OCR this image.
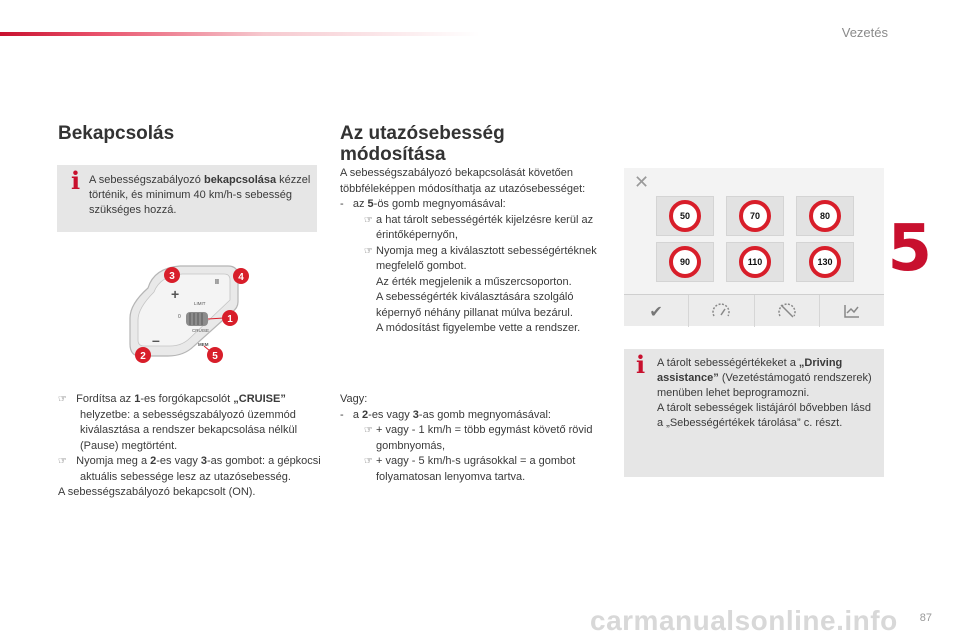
Vezetés
5
87
carmanualsonline.info
Bekapcsolás
i A sebességszabályozó bekapcsolása kézzel történik, és minimum 40 km/h-s sebesség szükséges hozzá.
+
–
II
LIMIT
CRUISE
MEM
0
3	4
1
2	5

☞ Fordítsa az 1-es forgókapcsolót „CRUISE” helyzetbe: a sebességszabályozó üzemmód kiválasztása a rendszer bekapcsolása nélkül (Pause) megtörtént.

☞ Nyomja meg a 2-es vagy 3-as gombot: a gépkocsi aktuális sebessége lesz az utazósebesség.

A sebességszabályozó bekapcsolt (ON).

Az utazósebesség módosítása

A sebességszabályozó bekapcsolását követően többféleképpen módosíthatja az utazósebességet:

-   az 5-ös gomb megnyomásával:

☞ a hat tárolt sebességérték kijelzésre kerül az érintőképernyőn,

☞ Nyomja meg a kiválasztott sebességértéknek megfelelő gombot.

Az érték megjelenik a műszercsoporton.

A sebességérték kiválasztására szolgáló képernyő néhány pillanat múlva bezárul.

A módosítást figyelembe vette a rendszer.

Vagy:

-   a 2-es vagy 3-as gomb megnyomásával:

☞ + vagy - 1 km/h = több egymást követő rövid gombnyomás,

☞ + vagy - 5 km/h-s ugrásokkal = a gombot folyamatosan lenyomva tartva.

✕
50	70	80
90	110	130
✔
i A tárolt sebességértékeket a „Driving assistance” (Vezetéstámogató rendszerek) menüben lehet beprogramozni.
A tárolt sebességek listájáról bővebben lásd a „Sebességértékek tárolása” c. részt.
